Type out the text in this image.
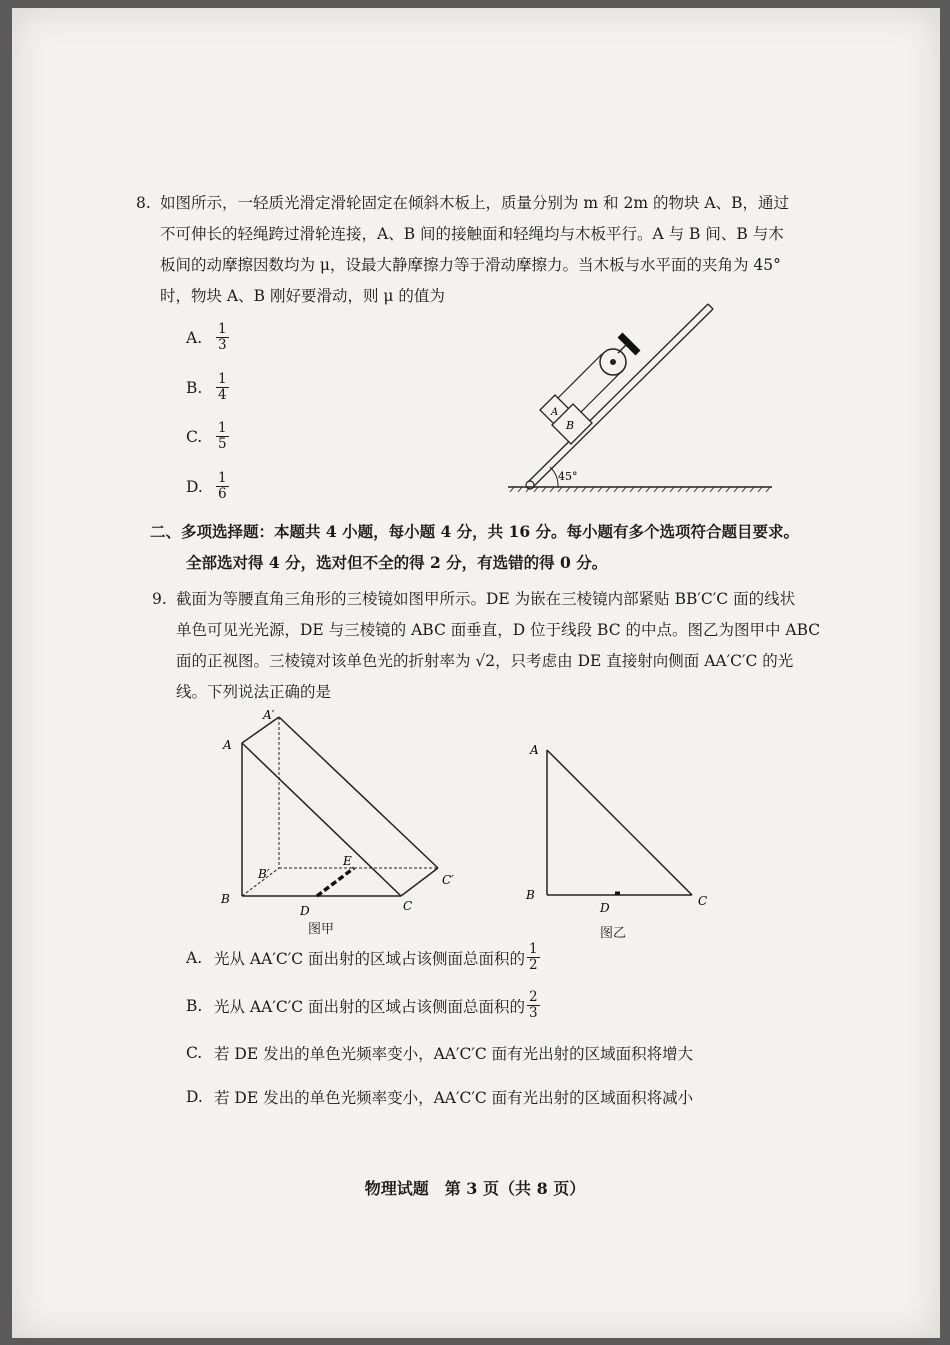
8. 如图所示，一轻质光滑定滑轮固定在倾斜木板上，质量分别为 m 和 2m 的物块 A、B，通过
不可伸长的轻绳跨过滑轮连接，A、B 间的接触面和轻绳均与木板平行。A 与 B 间、B 与木
板间的动摩擦因数均为 μ，设最大静摩擦力等于滑动摩擦力。当木板与水平面的夹角为 45°
时，物块 A、B 刚好要滑动，则 μ 的值为
A.	$\frac{1}{3}$
B.	$\frac{1}{4}$
C.	$\frac{1}{5}$
D. $\frac{1}{6}$	45°
A
B
二、多项选择题：本题共 4 小题，每小题 4 分，共 16 分。每小题有多个选项符合题目要求。
全部选对得 4 分，选对但不全的得 2 分，有选错的得 0 分。
9. 截面为等腰直角三角形的三棱镜如图甲所示。DE 为嵌在三棱镜内部紧贴 BB′C′C 面的线状
单色可见光光源，DE 与三棱镜的 ABC 面垂直，D 位于线段 BC 的中点。图乙为图甲中 ABC
面的正视图。三棱镜对该单色光的折射率为 √2，只考虑由 DE 直接射向侧面 AA′C′C 的光
线。下列说法正确的是
A
A′
B
B′
C
C′
D
E
图甲
A
B	C
D
图乙
A. 光从 AA′C′C 面出射的区域占该侧面总面积的 $\frac{1}{2}$
B. 光从 AA′C′C 面出射的区域占该侧面总面积的 $\frac{2}{3}$
C. 若 DE 发出的单色光频率变小，AA′C′C 面有光出射的区域面积将增大
D. 若 DE 发出的单色光频率变小，AA′C′C 面有光出射的区域面积将减小
物理试题　第 3 页（共 8 页）
